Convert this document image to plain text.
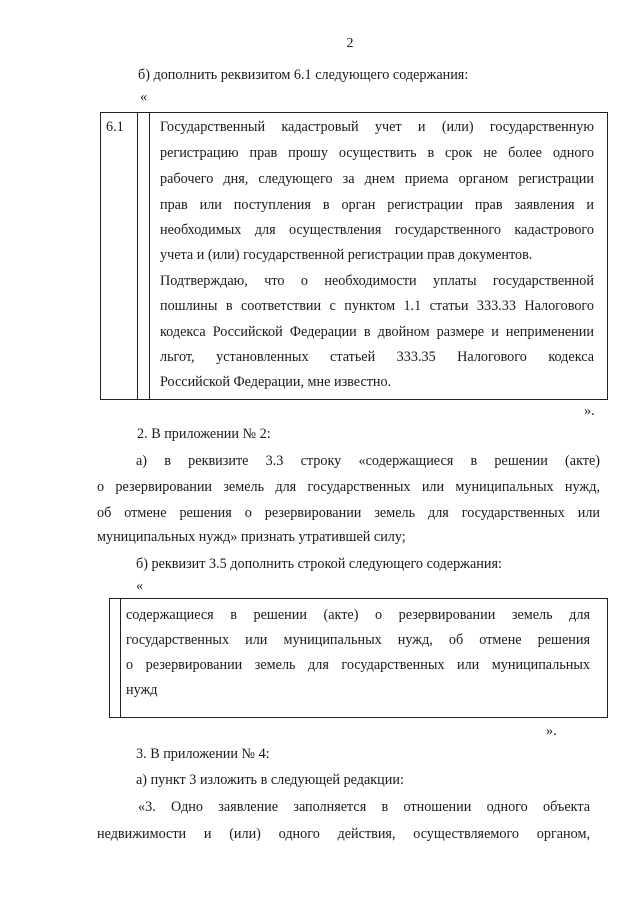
2
б) дополнить реквизитом 6.1 следующего содержания:
«
6.1	Государственный кадастровый учет и (или) государственную
регистрацию прав прошу осуществить в срок не более одного
рабочего дня, следующего за днем приема органом регистрации
прав или поступления в орган регистрации прав заявления и
необходимых для осуществления государственного кадастрового
учета и (или) государственной регистрации прав документов.
Подтверждаю, что о необходимости уплаты государственной
пошлины в соответствии с пунктом 1.1 статьи 333.33 Налогового
кодекса Российской Федерации в двойном размере и неприменении
льгот, установленных статьей 333.35 Налогового кодекса
Российской Федерации, мне известно.
».
2. В приложении № 2:
а) в реквизите 3.3 строку «содержащиеся в решении (акте)
о резервировании земель для государственных или муниципальных нужд,
об отмене решения о резервировании земель для государственных или
муниципальных нужд» признать утратившей силу;
б) реквизит 3.5 дополнить строкой следующего содержания:
«
содержащиеся в решении (акте) о резервировании земель для
государственных или муниципальных нужд, об отмене решения
о резервировании земель для государственных или муниципальных
нужд
».
3. В приложении № 4:
а) пункт 3 изложить в следующей редакции:
«3. Одно заявление заполняется в отношении одного объекта
недвижимости и (или) одного действия, осуществляемого органом,
